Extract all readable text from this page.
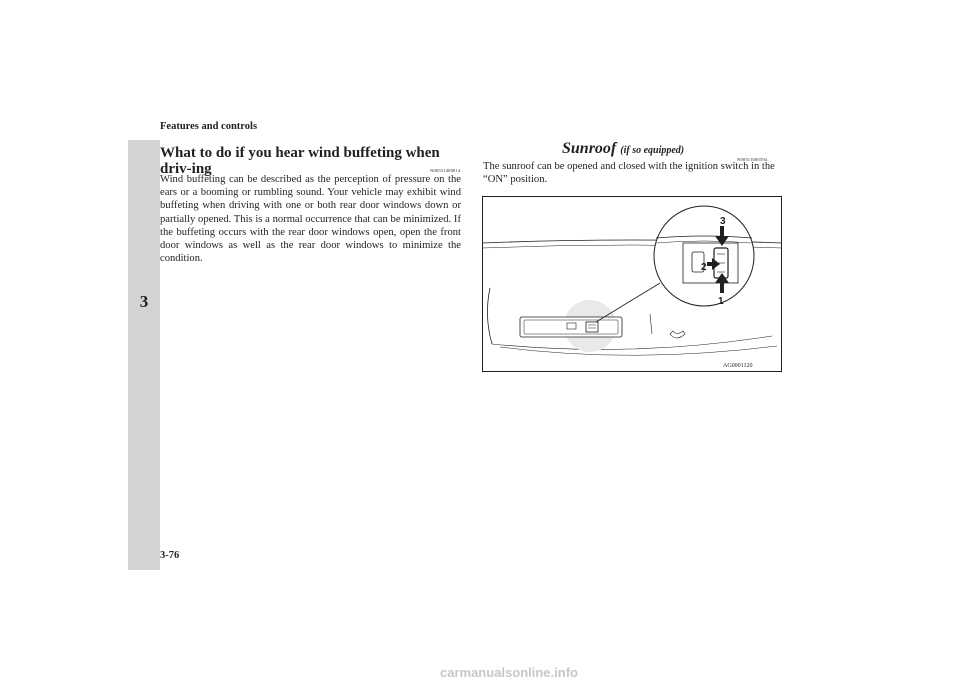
Features and controls
3
What to do if you hear wind buffeting when driv-ing	N00551400014

Wind buffeting can be described as the perception of pressure on the ears or a booming or rumbling sound. Your vehicle may exhibit wind buffeting when driving with one or both rear door windows down or partially opened. This is a normal occurrence that can be minimized. If the buffeting occurs with the rear door windows open, open the front door windows as well as the rear door windows to minimize the condition.

Sunroof (if so equipped)
N00511000594

The sunroof can be opened and closed with the ignition switch in the “ON” position.

3
2
1
AG0001120
3-76
carmanualsonline.info
